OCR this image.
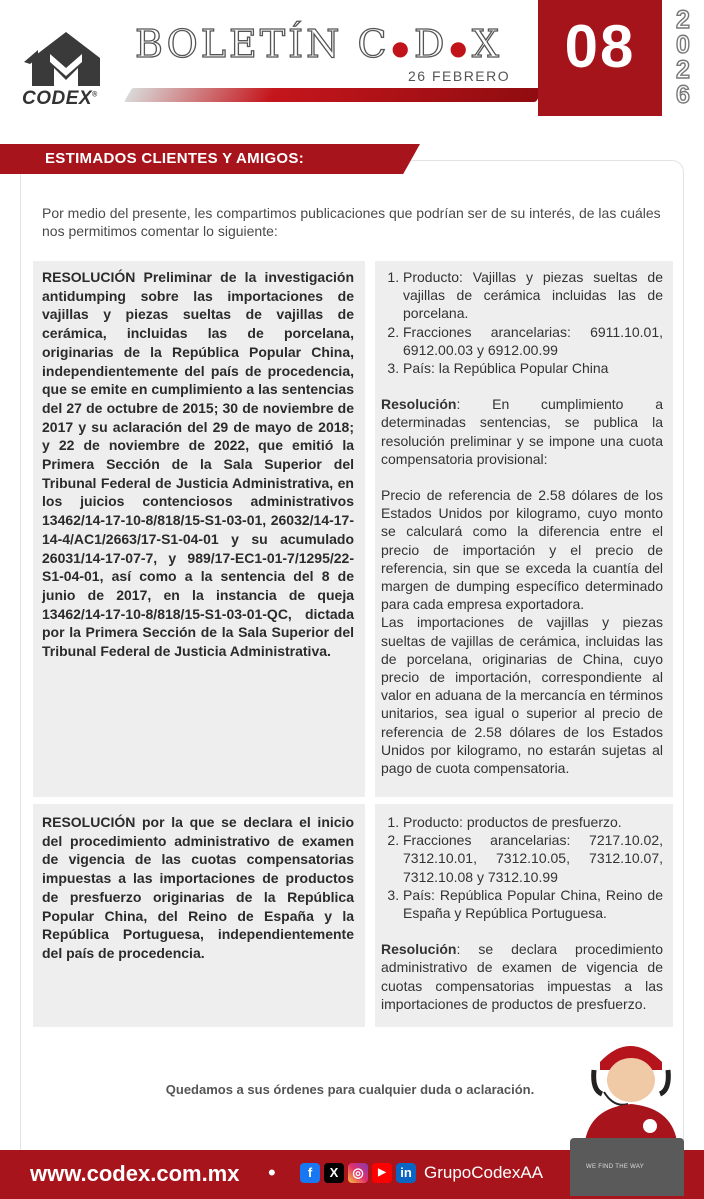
CODEX®
BOLETÍN C ●D ●X
26 FEBRERO 08	2
0
2
6
ESTIMADOS CLIENTES Y AMIGOS:
Por medio del presente, les compartimos publicaciones que podrían ser de su interés, de las cuáles nos permitimos comentar lo siguiente:
RESOLUCIÓN Preliminar de la investigación antidumping sobre las importaciones de vajillas y piezas sueltas de vajillas de cerámica, incluidas las de porcelana, originarias de la República Popular China, independientemente del país de procedencia, que se emite en cumplimiento a las sentencias del 27 de octubre de 2015; 30 de noviembre de 2017 y su aclaración del 29 de mayo de 2018; y 22 de noviembre de 2022, que emitió la Primera Sección de la Sala Superior del Tribunal Federal de Justicia Administrativa, en los juicios contenciosos administrativos 13462/14-17-10-8/818/15-S1-03-01, 26032/14-17-14-4/AC1/2663/17-S1-04-01 y su acumulado 26031/14-17-07-7, y 989/17-EC1-01-7/1295/22-S1-04-01, así como a la sentencia del 8 de junio de 2017, en la instancia de queja 13462/14-17-10-8/818/15-S1-03-01-QC, dictada por la Primera Sección de la Sala Superior del Tribunal Federal de Justicia Administrativa.
1. Producto: Vajillas y piezas sueltas de vajillas de cerámica incluidas las de porcelana.
2. Fracciones arancelarias: 6911.10.01, 6912.00.03 y 6912.00.99
3. País: la República Popular China

Resolución: En cumplimiento a determinadas sentencias, se publica la resolución preliminar y se impone una cuota compensatoria provisional:

Precio de referencia de 2.58 dólares de los Estados Unidos por kilogramo, cuyo monto se calculará como la diferencia entre el precio de importación y el precio de referencia, sin que se exceda la cuantía del margen de dumping específico determinado para cada empresa exportadora.

Las importaciones de vajillas y piezas sueltas de vajillas de cerámica, incluidas las de porcelana, originarias de China, cuyo precio de importación, correspondiente al valor en aduana de la mercancía en términos unitarios, sea igual o superior al precio de referencia de 2.58 dólares de los Estados Unidos por kilogramo, no estarán sujetas al pago de cuota compensatoria.

RESOLUCIÓN por la que se declara el inicio del procedimiento administrativo de examen de vigencia de las cuotas compensatorias impuestas a las importaciones de productos de presfuerzo originarias de la República Popular China, del Reino de España y la República Portuguesa, independientemente del país de procedencia.
1. Producto: productos de presfuerzo.
2. Fracciones arancelarias: 7217.10.02, 7312.10.01, 7312.10.05, 7312.10.07, 7312.10.08 y 7312.10.99
3. País: República Popular China, Reino de España y República Portuguesa.

Resolución: se declara procedimiento administrativo de examen de vigencia de cuotas compensatorias impuestas a las importaciones de productos de presfuerzo.

Quedamos a sus órdenes para cualquier duda o aclaración.
www.codex.com.mx •	f	X	◎	▶	in GrupoCodexAA	WE FIND THE WAY
